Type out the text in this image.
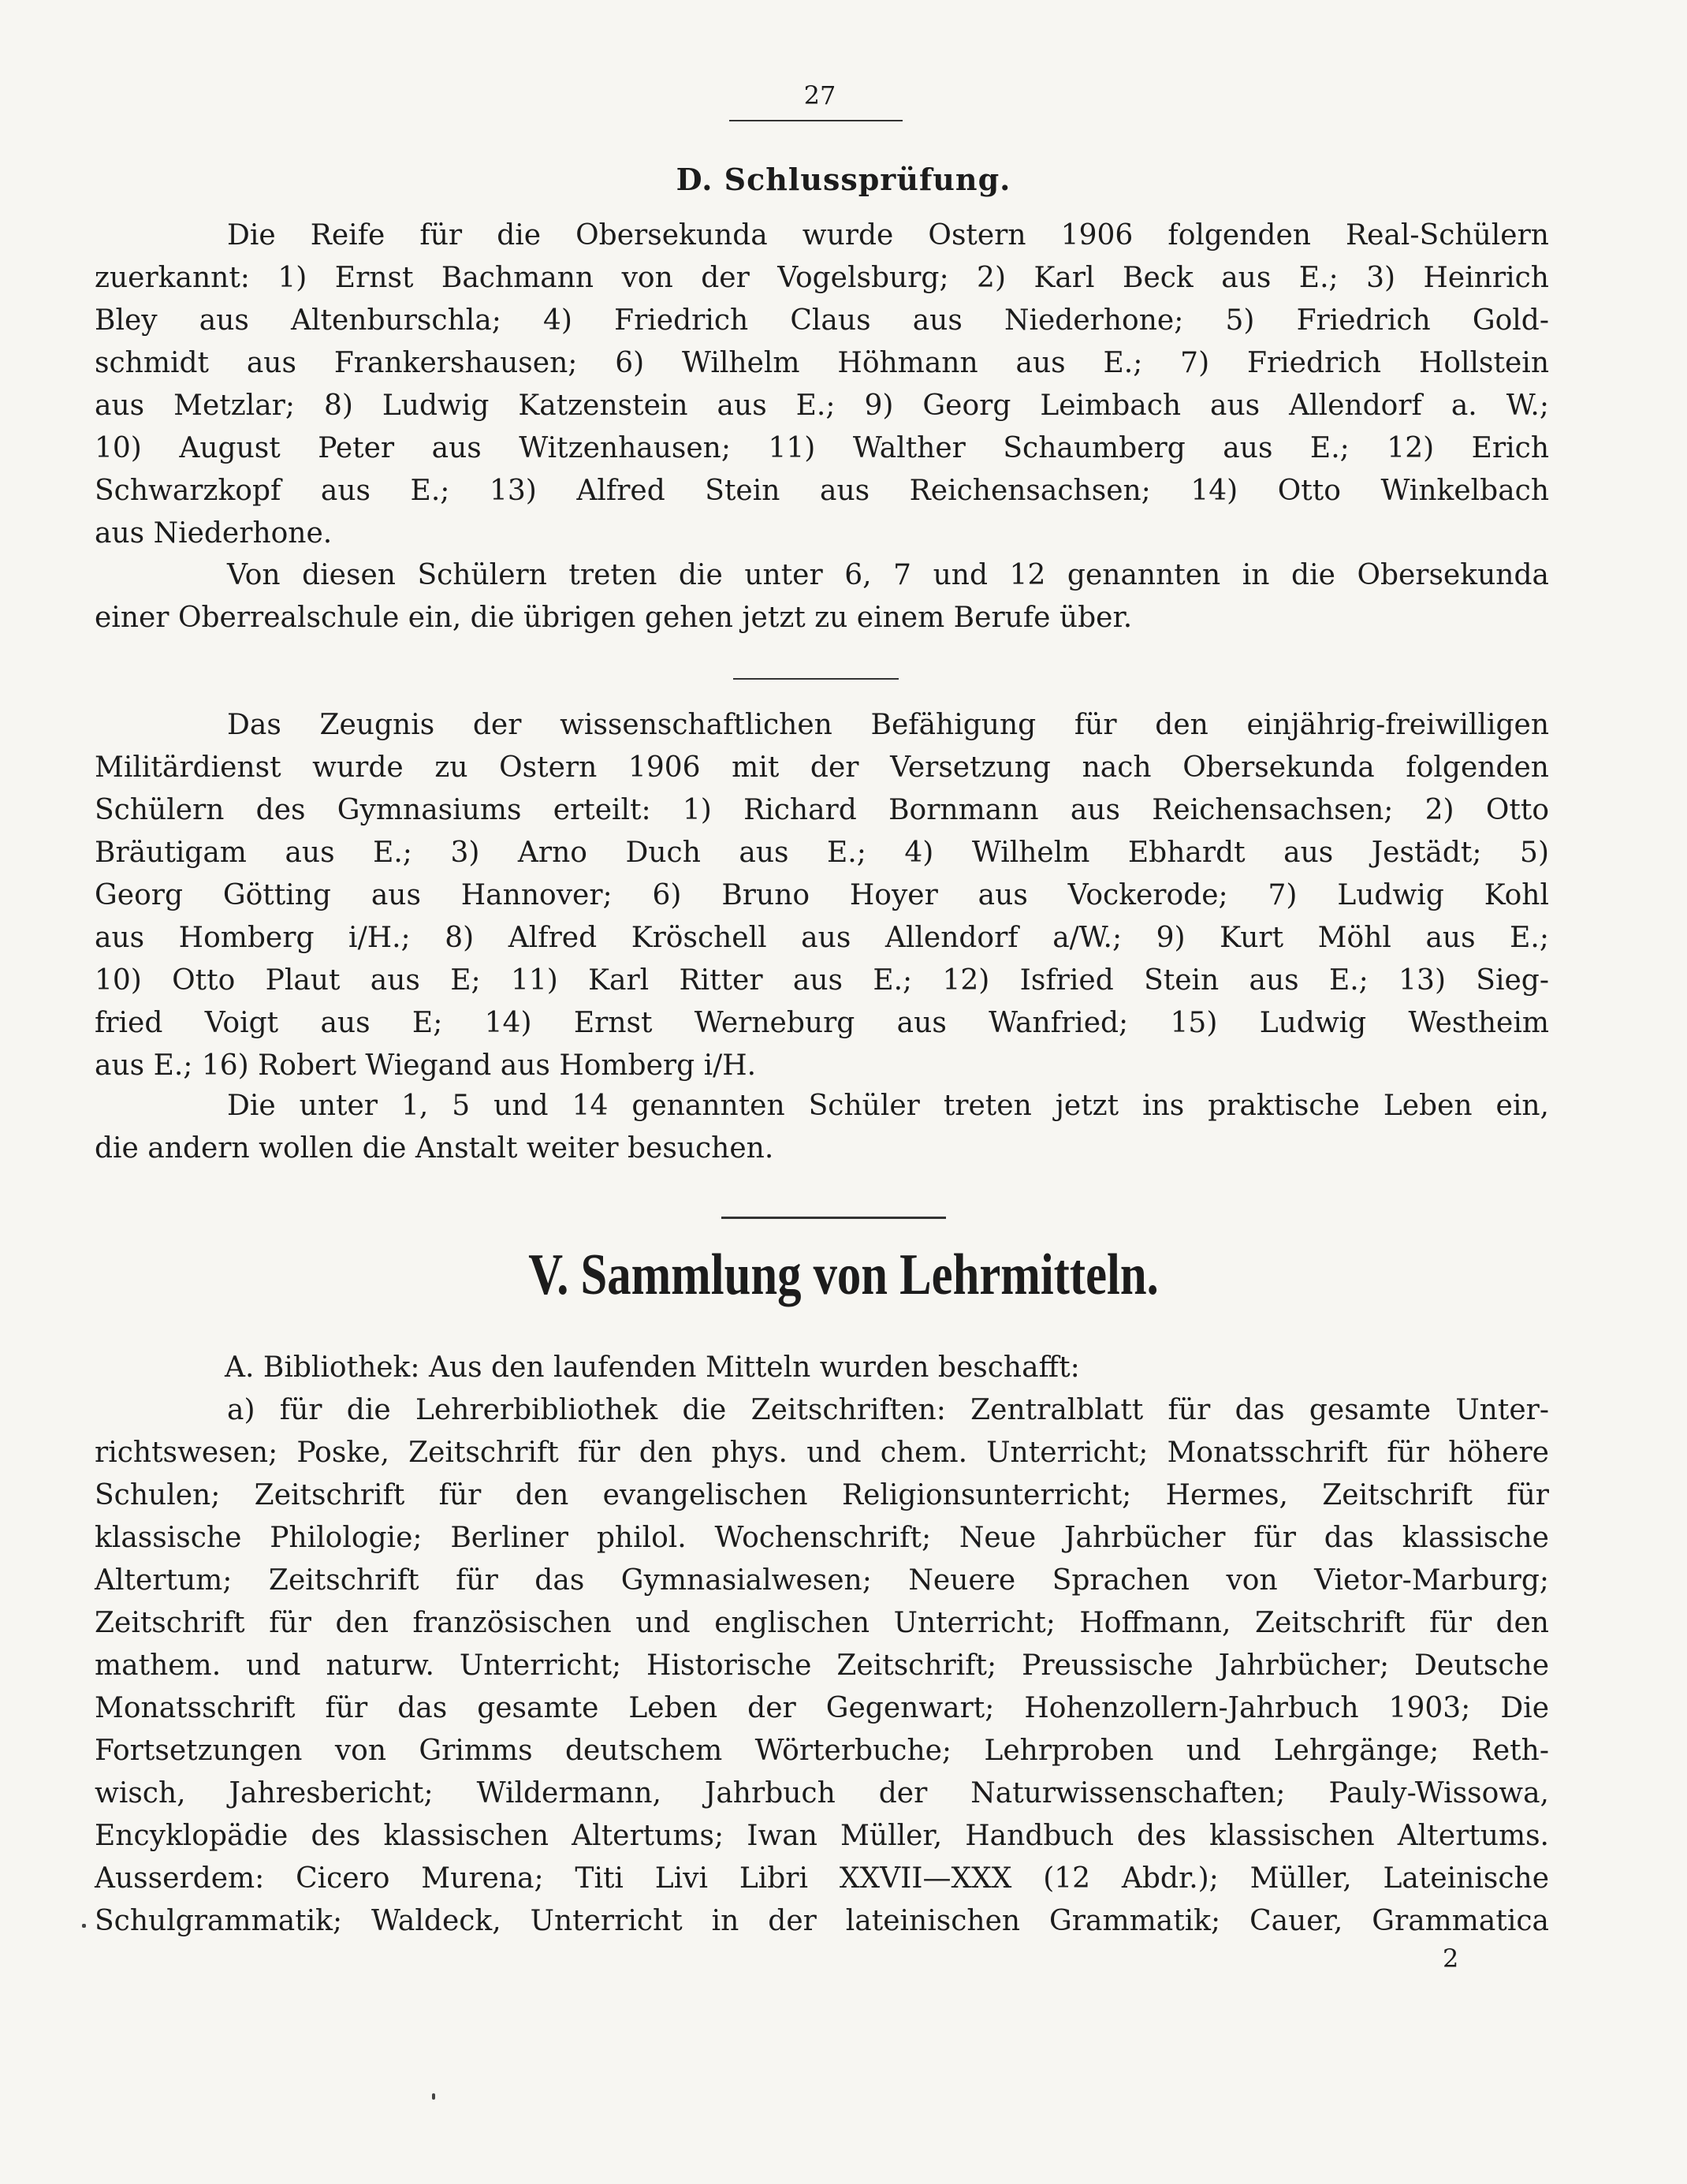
27
D. Schlussprüfung.
Die Reife für die Obersekunda wurde Ostern 1906 folgenden Real-Schülern
zuerkannt: 1) Ernst Bachmann von der Vogelsburg; 2) Karl Beck aus E.; 3) Heinrich
Bley aus Altenburschla; 4) Friedrich Claus aus Niederhone; 5) Friedrich Gold-
schmidt aus Frankershausen; 6) Wilhelm Höhmann aus E.; 7) Friedrich Hollstein
aus Metzlar; 8) Ludwig Katzenstein aus E.; 9) Georg Leimbach aus Allendorf a. W.;
10) August Peter aus Witzenhausen; 11) Walther Schaumberg aus E.; 12) Erich
Schwarzkopf aus E.; 13) Alfred Stein aus Reichensachsen; 14) Otto Winkelbach
aus Niederhone.
Von diesen Schülern treten die unter 6, 7 und 12 genannten in die Obersekunda
einer Oberrealschule ein, die übrigen gehen jetzt zu einem Berufe über.
Das Zeugnis der wissenschaftlichen Befähigung für den einjährig-freiwilligen
Militärdienst wurde zu Ostern 1906 mit der Versetzung nach Obersekunda folgenden
Schülern des Gymnasiums erteilt: 1) Richard Bornmann aus Reichensachsen; 2) Otto
Bräutigam aus E.; 3) Arno Duch aus E.; 4) Wilhelm Ebhardt aus Jestädt; 5)
Georg Götting aus Hannover; 6) Bruno Hoyer aus Vockerode; 7) Ludwig Kohl
aus Homberg i/H.; 8) Alfred Kröschell aus Allendorf a/W.; 9) Kurt Möhl aus E.;
10) Otto Plaut aus E; 11) Karl Ritter aus E.; 12) Isfried Stein aus E.; 13) Sieg-
fried Voigt aus E; 14) Ernst Werneburg aus Wanfried; 15) Ludwig Westheim
aus E.; 16) Robert Wiegand aus Homberg i/H.
Die unter 1, 5 und 14 genannten Schüler treten jetzt ins praktische Leben ein,
die andern wollen die Anstalt weiter besuchen.
V. Sammlung von Lehrmitteln.
A. Bibliothek: Aus den laufenden Mitteln wurden beschafft:
a) für die Lehrerbibliothek die Zeitschriften: Zentralblatt für das gesamte Unter-
richtswesen; Poske, Zeitschrift für den phys. und chem. Unterricht; Monatsschrift für höhere
Schulen; Zeitschrift für den evangelischen Religionsunterricht; Hermes, Zeitschrift für
klassische Philologie; Berliner philol. Wochenschrift; Neue Jahrbücher für das klassische
Altertum; Zeitschrift für das Gymnasialwesen; Neuere Sprachen von Vietor-Marburg;
Zeitschrift für den französischen und englischen Unterricht; Hoffmann, Zeitschrift für den
mathem. und naturw. Unterricht; Historische Zeitschrift; Preussische Jahrbücher; Deutsche
Monatsschrift für das gesamte Leben der Gegenwart; Hohenzollern-Jahrbuch 1903; Die
Fortsetzungen von Grimms deutschem Wörterbuche; Lehrproben und Lehrgänge; Reth-
wisch, Jahresbericht; Wildermann, Jahrbuch der Naturwissenschaften; Pauly-Wissowa,
Encyklopädie des klassischen Altertums; Iwan Müller, Handbuch des klassischen Altertums.
Ausserdem: Cicero Murena; Titi Livi Libri XXVII—XXX (12 Abdr.); Müller, Lateinische
Schulgrammatik; Waldeck, Unterricht in der lateinischen Grammatik; Cauer, Grammatica
2
